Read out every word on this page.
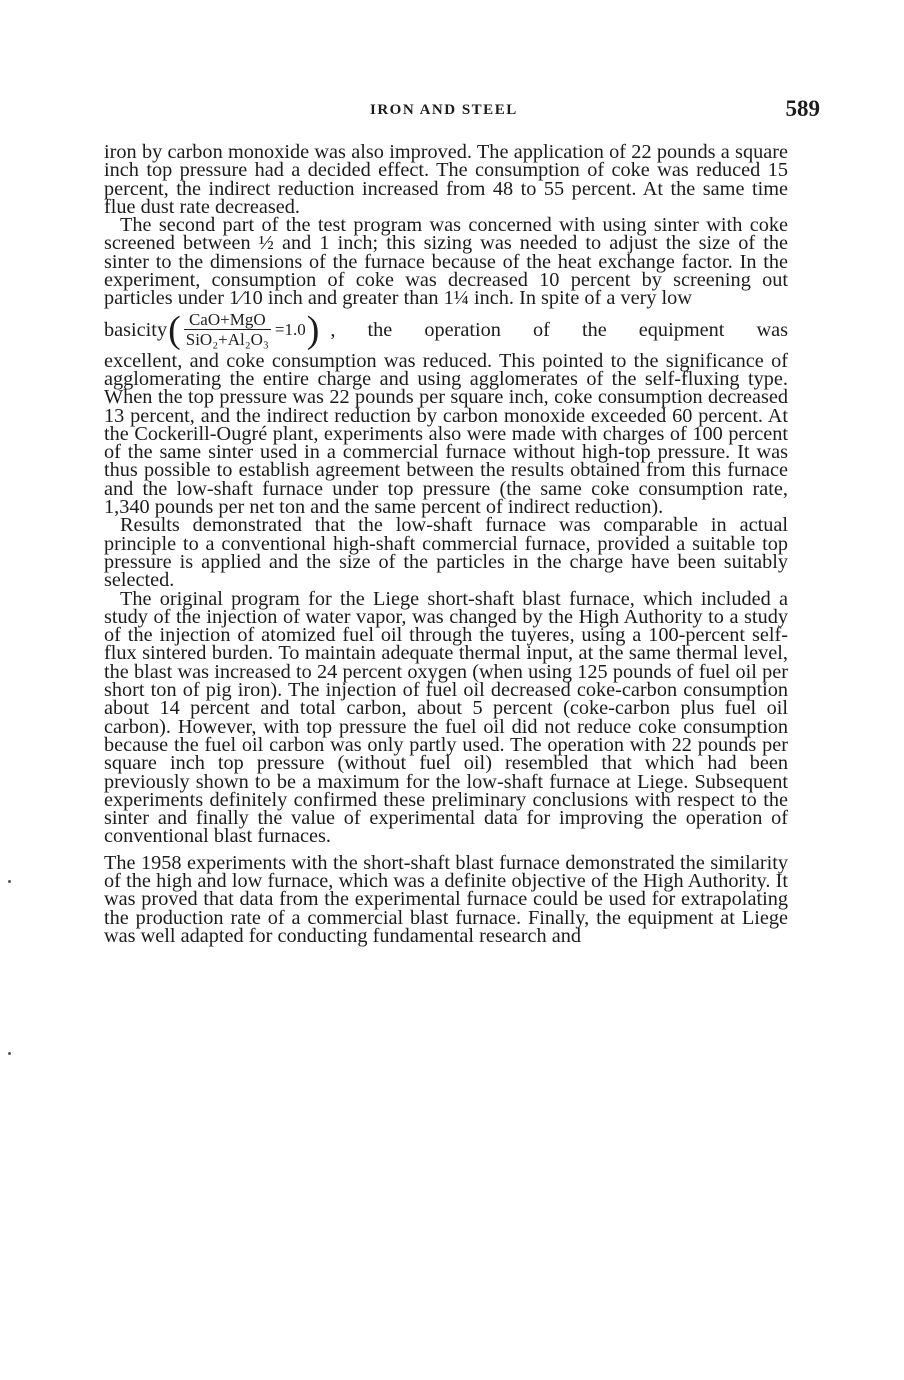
IRON AND STEEL	589

iron by carbon monoxide was also improved. The application of 22 pounds a square inch top pressure had a decided effect. The consumption of coke was reduced 15 percent, the indirect reduction increased from 48 to 55 percent. At the same time flue dust rate decreased.

The second part of the test program was concerned with using sinter with coke screened between ½ and 1 inch; this sizing was needed to adjust the size of the sinter to the dimensions of the furnace because of the heat exchange factor. In the experiment, consumption of coke was decreased 10 percent by screening out particles under 1⁄10 inch and greater than 1¼ inch. In spite of a very low

basicity ( $\frac{\text{CaO+MgO}}{\text{SiO₂+Al₂O₃}} =1.0$ ) , the operation of the equipment was

excellent, and coke consumption was reduced. This pointed to the significance of agglomerating the entire charge and using agglomerates of the self-fluxing type. When the top pressure was 22 pounds per square inch, coke consumption decreased 13 percent, and the indirect reduction by carbon monoxide exceeded 60 percent. At the Cockerill-Ougré plant, experiments also were made with charges of 100 percent of the same sinter used in a commercial furnace without high-top pressure. It was thus possible to establish agreement between the results obtained from this furnace and the low-shaft furnace under top pressure (the same coke consumption rate, 1,340 pounds per net ton and the same percent of indirect reduction).

Results demonstrated that the low-shaft furnace was comparable in actual principle to a conventional high-shaft commercial furnace, provided a suitable top pressure is applied and the size of the particles in the charge have been suitably selected.

The original program for the Liege short-shaft blast furnace, which included a study of the injection of water vapor, was changed by the High Authority to a study of the injection of atomized fuel oil through the tuyeres, using a 100-percent self-flux sintered burden. To maintain adequate thermal input, at the same thermal level, the blast was increased to 24 percent oxygen (when using 125 pounds of fuel oil per short ton of pig iron). The injection of fuel oil decreased coke-carbon consumption about 14 percent and total carbon, about 5 percent (coke-carbon plus fuel oil carbon). However, with top pressure the fuel oil did not reduce coke consumption because the fuel oil carbon was only partly used. The operation with 22 pounds per square inch top pressure (without fuel oil) resembled that which had been previously shown to be a maximum for the low-shaft furnace at Liege. Subsequent experiments definitely confirmed these preliminary conclusions with respect to the sinter and finally the value of experimental data for improving the operation of conventional blast furnaces.

The 1958 experiments with the short-shaft blast furnace demonstrated the similarity of the high and low furnace, which was a definite objective of the High Authority. It was proved that data from the experimental furnace could be used for extrapolating the production rate of a commercial blast furnace. Finally, the equipment at Liege was well adapted for conducting fundamental research and
